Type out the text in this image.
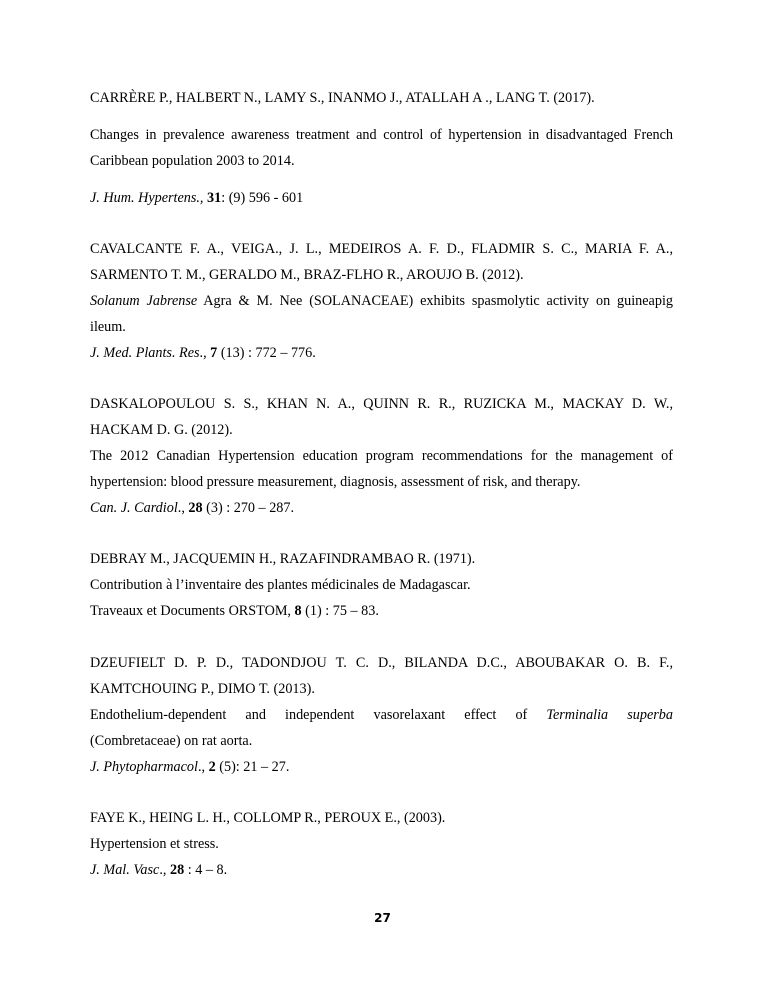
CARRÈRE P., HALBERT N., LAMY S., INANMO J., ATALLAH A ., LANG T. (2017).
Changes in prevalence awareness treatment and control of hypertension in disadvantaged French Caribbean population 2003 to 2014.
J. Hum. Hypertens., 31: (9) 596 - 601
CAVALCANTE F. A., VEIGA., J. L., MEDEIROS A. F. D., FLADMIR S. C., MARIA F. A.,
SARMENTO T. M., GERALDO M., BRAZ-FLHO R., AROUJO B. (2012).
Solanum Jabrense Agra & M. Nee (SOLANACEAE) exhibits spasmolytic activity on guineapig
ileum.
J. Med. Plants. Res., 7 (13) : 772 – 776.
DASKALOPOULOU S. S., KHAN N. A., QUINN R. R., RUZICKA M., MACKAY D. W.,
HACKAM D. G. (2012).
The 2012 Canadian Hypertension education program recommendations for the management of
hypertension: blood pressure measurement, diagnosis, assessment of risk, and therapy.
Can. J. Cardiol., 28 (3) : 270 – 287.
DEBRAY M., JACQUEMIN H., RAZAFINDRAMBAO R. (1971).
Contribution à l’inventaire des plantes médicinales de Madagascar.
Traveaux et Documents ORSTOM, 8 (1) : 75 – 83.
DZEUFIELT D. P. D., TADONDJOU T. C. D., BILANDA D.C., ABOUBAKAR O. B. F.,
KAMTCHOUING P., DIMO T. (2013).
Endothelium-dependent and independent vasorelaxant effect of Terminalia superba
(Combretaceae) on rat aorta.
J. Phytopharmacol., 2 (5): 21 – 27.
FAYE K., HEING L. H., COLLOMP R., PEROUX E., (2003).
Hypertension et stress.
J. Mal. Vasc., 28 : 4 – 8.
27
